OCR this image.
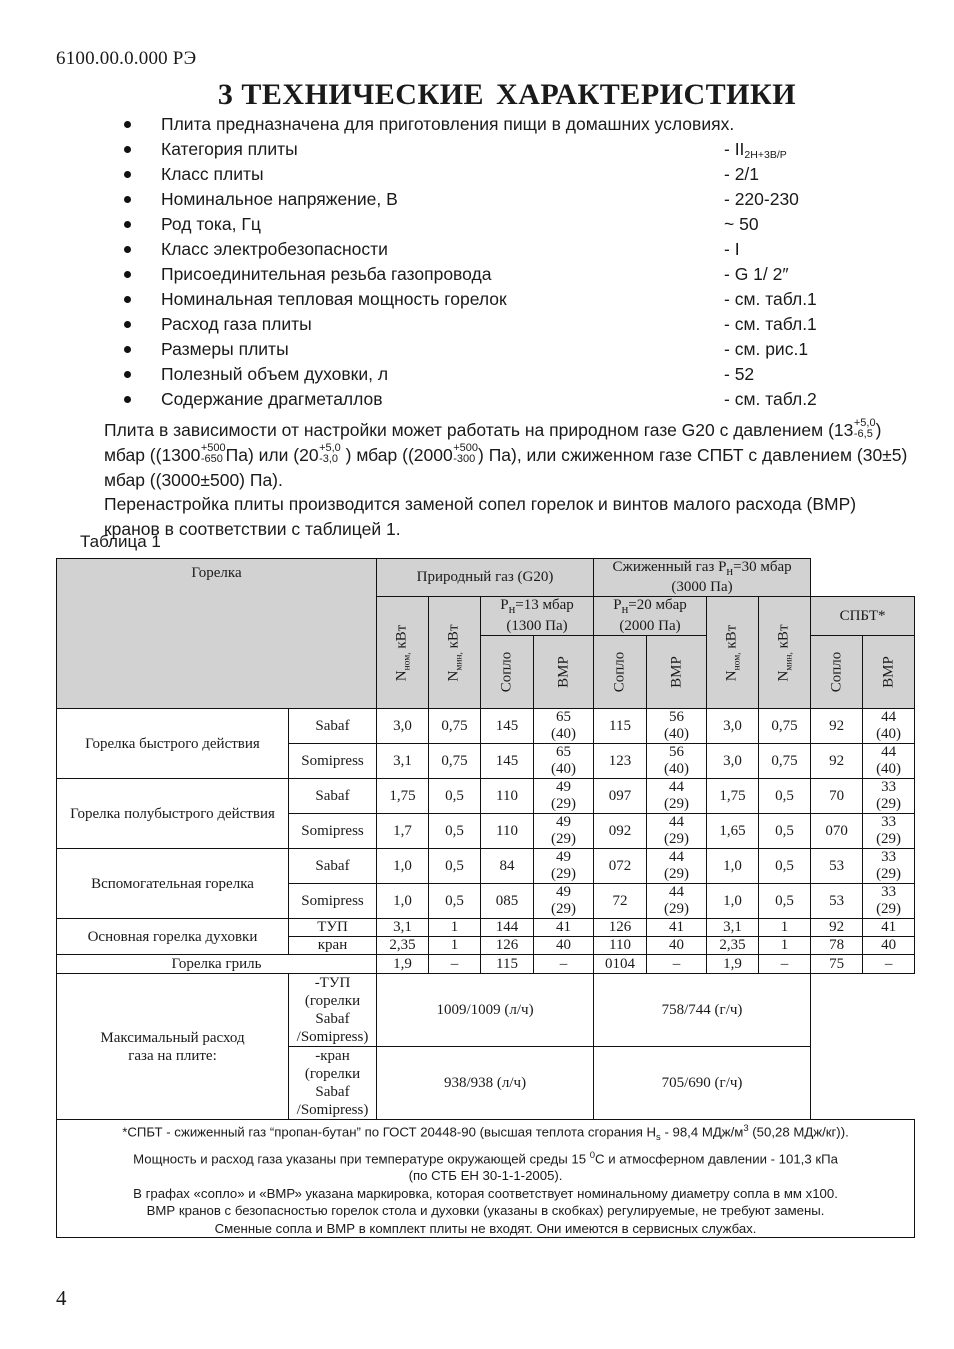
6100.00.0.000 РЭ
3 ТЕХНИЧЕСКИЕ ХАРАКТЕРИСТИКИ
Плита предназначена для приготовления пищи в домашних условиях.
Категория плиты	- $II_{2H+3B/P}$
Класс плиты	- 2/1
Номинальное напряжение, В	- 220-230
Род тока, Гц	~ 50
Класс электробезопасности	- I
Присоединительная резьба газопровода	- G 1/ 2″
Номинальная тепловая мощность горелок	- см. табл.1
Расход газа плиты	- см. табл.1
Размеры плиты	- см. рис.1
Полезный объем духовки, л	- 52
Содержание драгметаллов	- см. табл.2
Плита в зависимости от настройки может работать на природном газе G20 с давлением (13 +5,0
-6,5 ) мбар ((1300 +500
-650 Па) или (20 +5,0
-3,0 ) мбар ((2000 +500
-300 ) Па), или сжиженном газе СПБТ с давлением (30±5) мбар ((3000±500) Па).
Перенастройка плиты производится заменой сопел горелок и винтов малого расхода (ВМР) кранов в соответствии с таблицей 1.
Таблица 1
Горелка		Природный газ (G20)				Сжиженный газ $P_н=30$ мбар
(3000 Па)					

		$N_{ном,}$ кВт	$N_{мин,}$ кВт	$P_н=13$ мбар
(1300 Па)		$P_н=20$ мбар
(2000 Па)		$N_{ном,}$ кВт	$N_{мин,}$ кВт	СПБТ*	

				Сопло	ВМР	Сопло	ВМР			Сопло	ВМР

Горелка быстрого действия	Sabaf	3,0	0,75	145	65
(40)	115	56
(40)	3,0	0,75	92	44
(40)

	Somipress	3,1	0,75	145	65
(40)	123	56
(40)	3,0	0,75	92	44
(40)

Горелка полубыстрого действия	Sabaf	1,75	0,5	110	49
(29)	097	44
(29)	1,75	0,5	70	33
(29)

	Somipress	1,7	0,5	110	49
(29)	092	44
(29)	1,65	0,5	070	33
(29)

Вспомогательная горелка	Sabaf	1,0	0,5	84	49
(29)	072	44
(29)	1,0	0,5	53	33
(29)

	Somipress	1,0	0,5	085	49
(29)	72	44
(29)	1,0	0,5	53	33
(29)

Основная горелка духовки	ТУП	3,1	1	144	41	126	41	3,1	1	92	41
	кран	2,35	1	126	40	110	40	2,35	1	78	40
Горелка гриль		1,9	–	115	–	0104	–	1,9	–	75	–
Максимальный расход
газа на плите:	-ТУП (горелки
Sabaf /Somipress)	1009/1009 (л/ч)				758/744 (г/ч)					
	-кран (горелки
Sabaf /Somipress)	938/938 (л/ч)				705/690 (г/ч)					

*СПБТ - сжиженный газ “пропан-бутан” по ГОСТ 20448-90 (высшая теплота сгорания $H_s - 98,4$ МДж/$м^3$ (50,28 МДж/кг)).
Мощность и расход газа указаны при температуре окружающей среды 15 $^0$С и атмосферном давлении - 101,3 кПа
(по СТБ ЕН 30-1-1-2005).
В графах «сопло» и «ВМР» указана маркировка, которая соответствует номинальному диаметру сопла в мм х100.
ВМР кранов с безопасностью горелок стола и духовки (указаны в скобках) регулируемые, не требуют замены.
Сменные сопла и ВМР в комплект плиты не входят. Они имеются в сервисных службах.
4
